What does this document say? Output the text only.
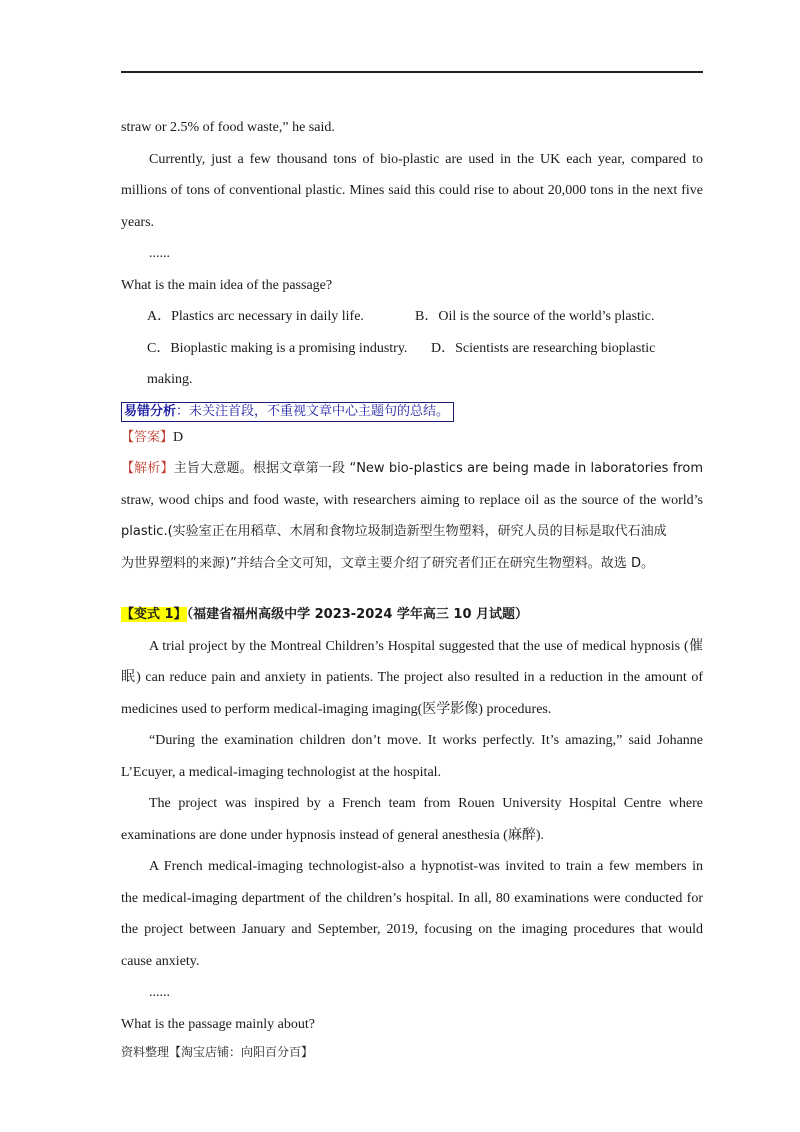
straw or 2.5% of food waste,” he said.
Currently, just a few thousand tons of bio-plastic are used in the UK each year, compared to
millions of tons of conventional plastic. Mines said this could rise to about 20,000 tons in the next five
years.
......
What is the main idea of the passage?
A．Plastics arc necessary in daily life.	B．Oil is the source of the world’s plastic.
C．Bioplastic making is a promising industry. D．Scientists are researching bioplastic
making.
易错分析：未关注首段，不重视文章中心主题句的总结。
【答案】D
【解析】主旨大意题。根据文章第一段 “New bio-plastics are being made in laboratories from
straw, wood chips and food waste, with researchers aiming to replace oil as the source of the world’s
plastic.(实验室正在用稻草、木屑和食物垃圾制造新型生物塑料，研究人员的目标是取代石油成
为世界塑料的来源)”并结合全文可知，文章主要介绍了研究者们正在研究生物塑料。故选 D。
【变式 1】（福建省福州高级中学 2023-2024 学年高三 10 月试题）
A trial project by the Montreal Children’s Hospital suggested that the use of medical hypnosis (催
眠) can reduce pain and anxiety in patients. The project also resulted in a reduction in the amount of
medicines used to perform medical-imaging imaging(医学影像) procedures.
“During the examination children don’t move. It works perfectly. It’s amazing,” said Johanne
L’Ecuyer, a medical-imaging technologist at the hospital.
The project was inspired by a French team from Rouen University Hospital Centre where
examinations are done under hypnosis instead of general anesthesia (麻醉).
A French medical-imaging technologist-also a hypnotist-was invited to train a few members in
the medical-imaging department of the children’s hospital. In all, 80 examinations were conducted for
the project between January and September, 2019, focusing on the imaging procedures that would
cause anxiety.
......
What is the passage mainly about?
资料整理【淘宝店铺：向阳百分百】
